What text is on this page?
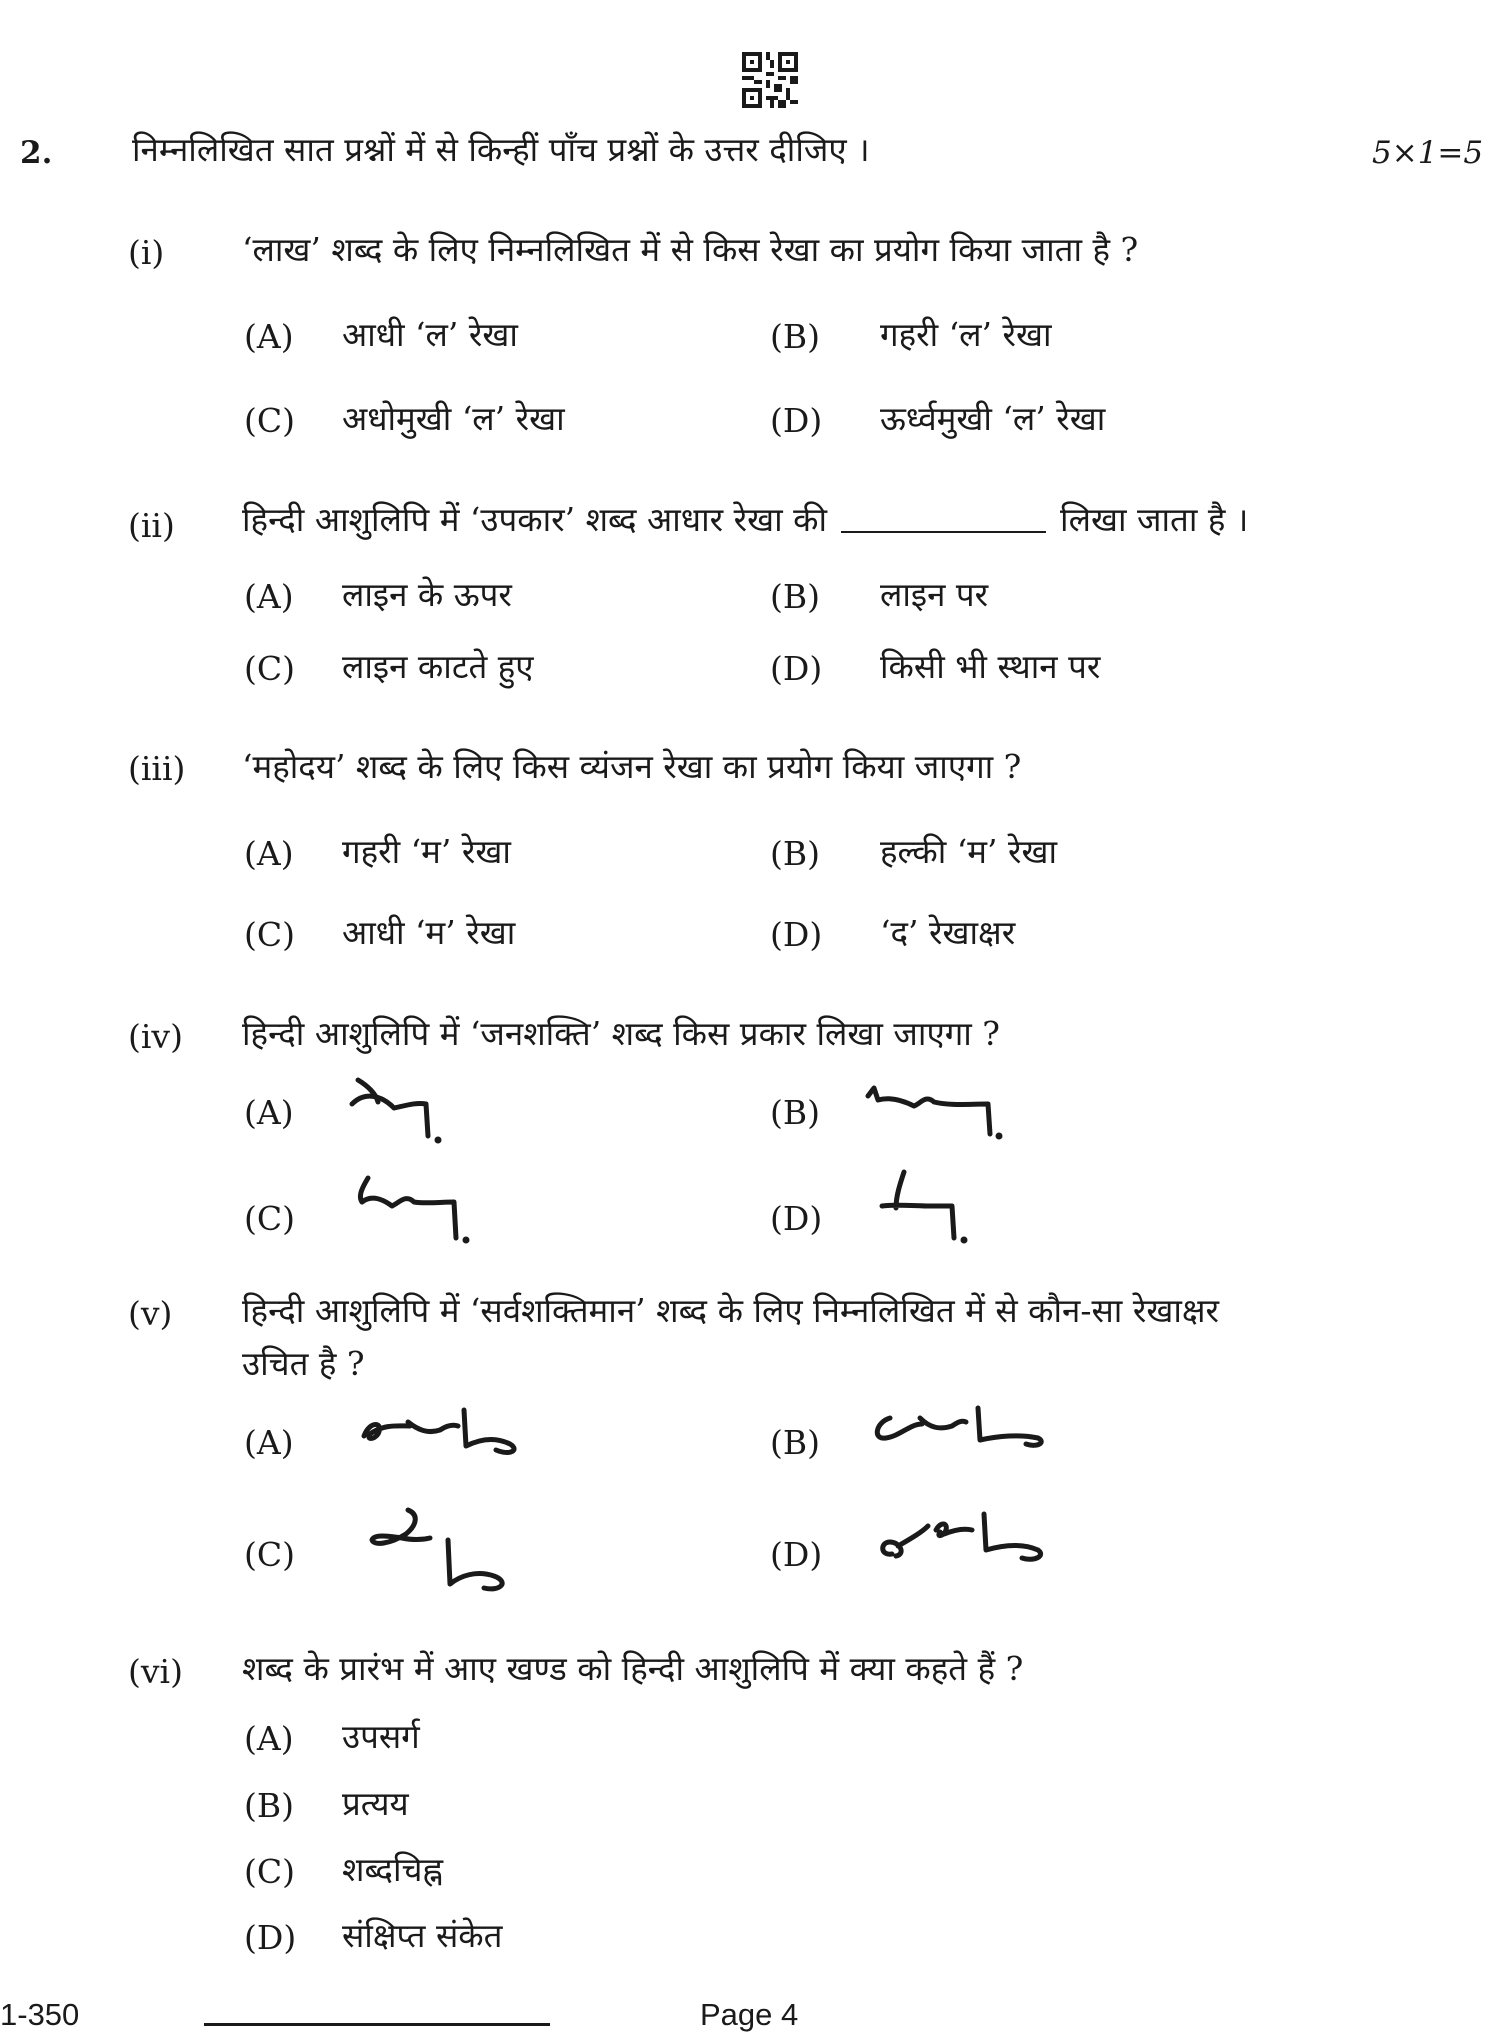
2. निम्नलिखित सात प्रश्नों में से किन्हीं पाँच प्रश्नों के उत्तर दीजिए ।	5×1=5
(i) ‘लाख’ शब्द के लिए निम्नलिखित में से किस रेखा का प्रयोग किया जाता है ?
(A) आधी ‘ल’ रेखा	(B) गहरी ‘ल’ रेखा
(C) अधोमुखी ‘ल’ रेखा	(D) ऊर्ध्वमुखी ‘ल’ रेखा
(ii) हिन्दी आशुलिपि में ‘उपकार’ शब्द आधार रेखा की	लिखा जाता है ।
(A) लाइन के ऊपर	(B) लाइन पर
(C) लाइन काटते हुए	(D) किसी भी स्थान पर
(iii) ‘महोदय’ शब्द के लिए किस व्यंजन रेखा का प्रयोग किया जाएगा ?
(A) गहरी ‘म’ रेखा	(B) हल्की ‘म’ रेखा
(C) आधी ‘म’ रेखा	(D) ‘द’ रेखाक्षर
(iv) हिन्दी आशुलिपि में ‘जनशक्ति’ शब्द किस प्रकार लिखा जाएगा ?
(A)	(B)
(C)	(D)
(v) हिन्दी आशुलिपि में ‘सर्वशक्तिमान’ शब्द के लिए निम्नलिखित में से कौन-सा रेखाक्षर
उचित है ?
(A)	(B)
(C)	(D)
(vi) शब्द के प्रारंभ में आए खण्ड को हिन्दी आशुलिपि में क्या कहते हैं ?
(A) उपसर्ग
(B) प्रत्यय
(C) शब्दचिह्न
(D) संक्षिप्त संकेत
1-350	Page 4
